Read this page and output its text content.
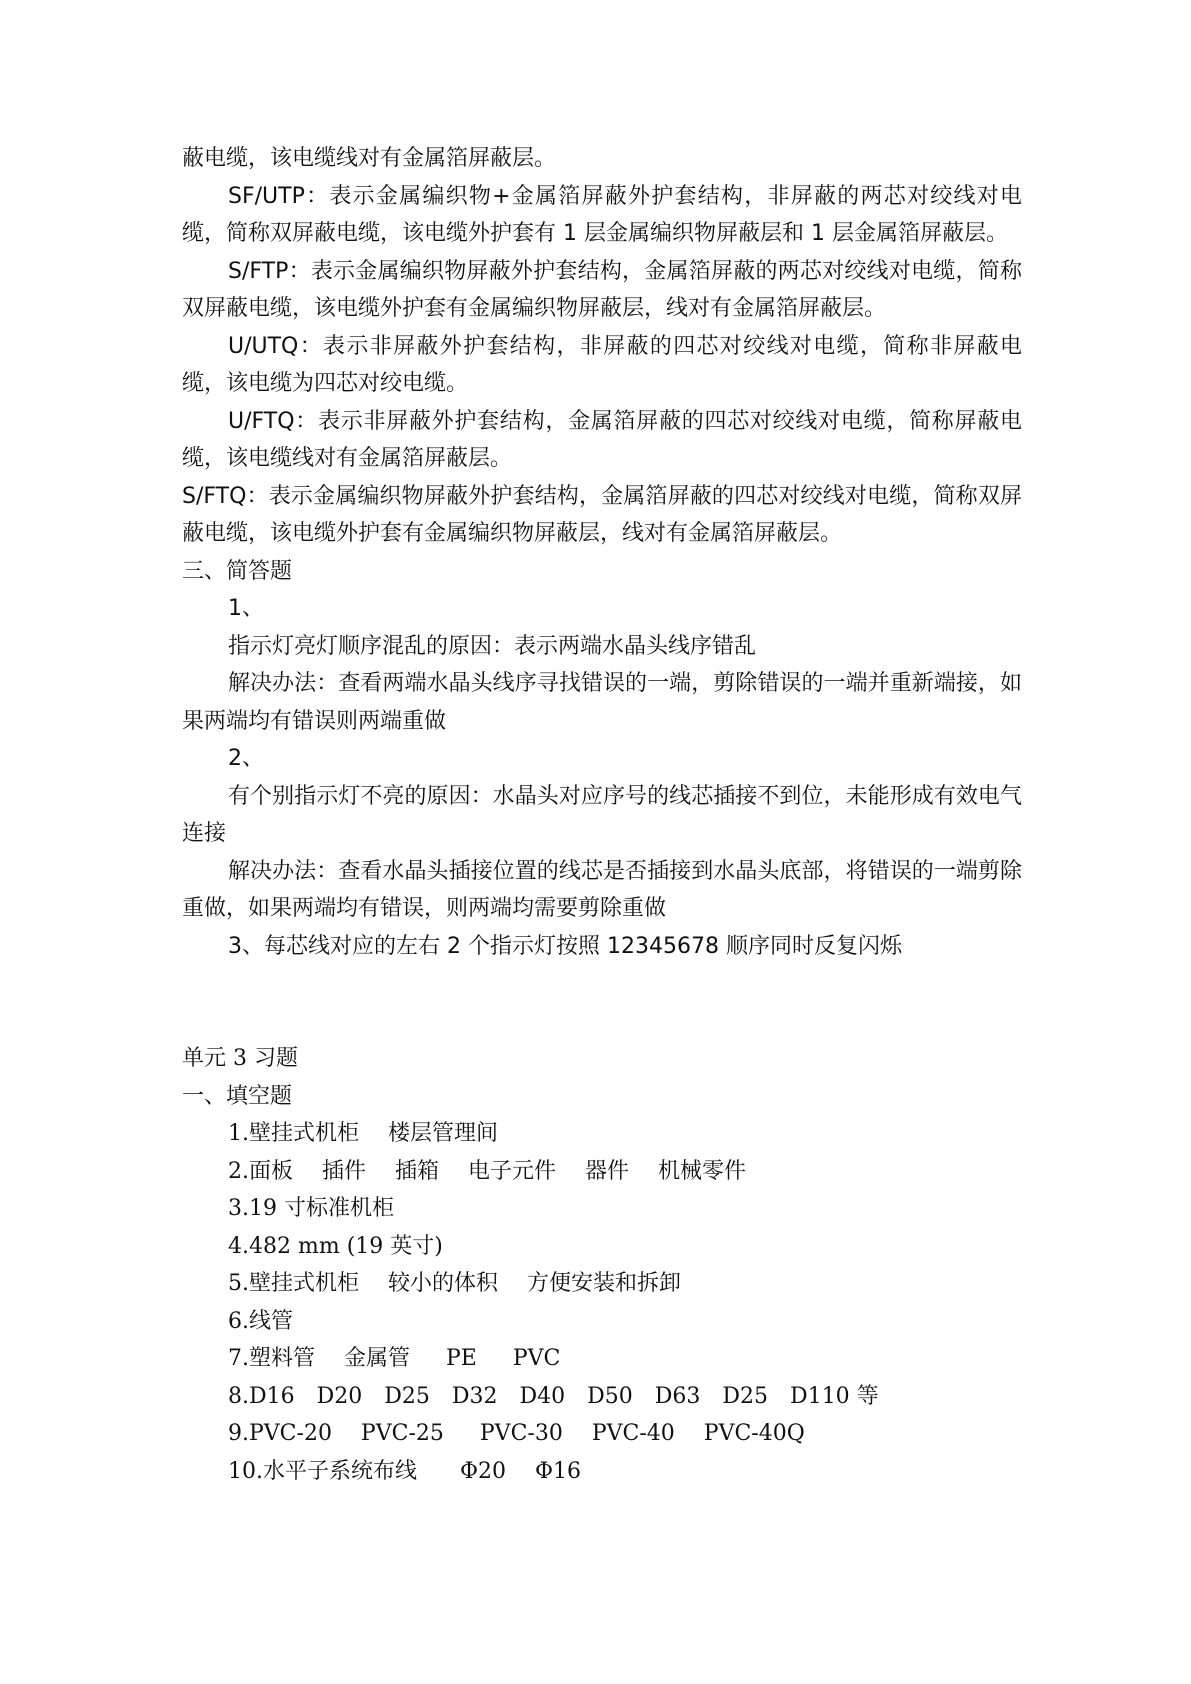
蔽电缆，该电缆线对有金属箔屏蔽层。
SF/UTP：表示金属编织物+金属箔屏蔽外护套结构，非屏蔽的两芯对绞线对电缆，简称双屏蔽电缆，该电缆外护套有 1 层金属编织物屏蔽层和 1 层金属箔屏蔽层。
S/FTP：表示金属编织物屏蔽外护套结构，金属箔屏蔽的两芯对绞线对电缆，简称双屏蔽电缆，该电缆外护套有金属编织物屏蔽层，线对有金属箔屏蔽层。
U/UTQ：表示非屏蔽外护套结构，非屏蔽的四芯对绞线对电缆，简称非屏蔽电缆，该电缆为四芯对绞电缆。
U/FTQ：表示非屏蔽外护套结构，金属箔屏蔽的四芯对绞线对电缆，简称屏蔽电缆，该电缆线对有金属箔屏蔽层。
S/FTQ：表示金属编织物屏蔽外护套结构，金属箔屏蔽的四芯对绞线对电缆，简称双屏蔽电缆，该电缆外护套有金属编织物屏蔽层，线对有金属箔屏蔽层。
三、简答题
1、
指示灯亮灯顺序混乱的原因：表示两端水晶头线序错乱
解决办法：查看两端水晶头线序寻找错误的一端，剪除错误的一端并重新端接，如果两端均有错误则两端重做
2、
有个别指示灯不亮的原因：水晶头对应序号的线芯插接不到位，未能形成有效电气连接
解决办法：查看水晶头插接位置的线芯是否插接到水晶头底部，将错误的一端剪除重做，如果两端均有错误，则两端均需要剪除重做
3、每芯线对应的左右 2 个指示灯按照 12345678 顺序同时反复闪烁
单元 3 习题
一、填空题
1.壁挂式机柜　 楼层管理间
2.面板　 插件　 插箱　 电子元件　 器件　 机械零件
3.19 寸标准机柜
4.482 mm (19 英寸)
5.壁挂式机柜　 较小的体积　 方便安装和拆卸
6.线管
7.塑料管　 金属管　  PE　  PVC
8.D16　D20　D25　D32　D40　D50　D63　D25　D110 等
9.PVC-20　 PVC-25　  PVC-30　 PVC-40　 PVC-40Q
10.水平子系统布线　   Φ20　 Φ16
